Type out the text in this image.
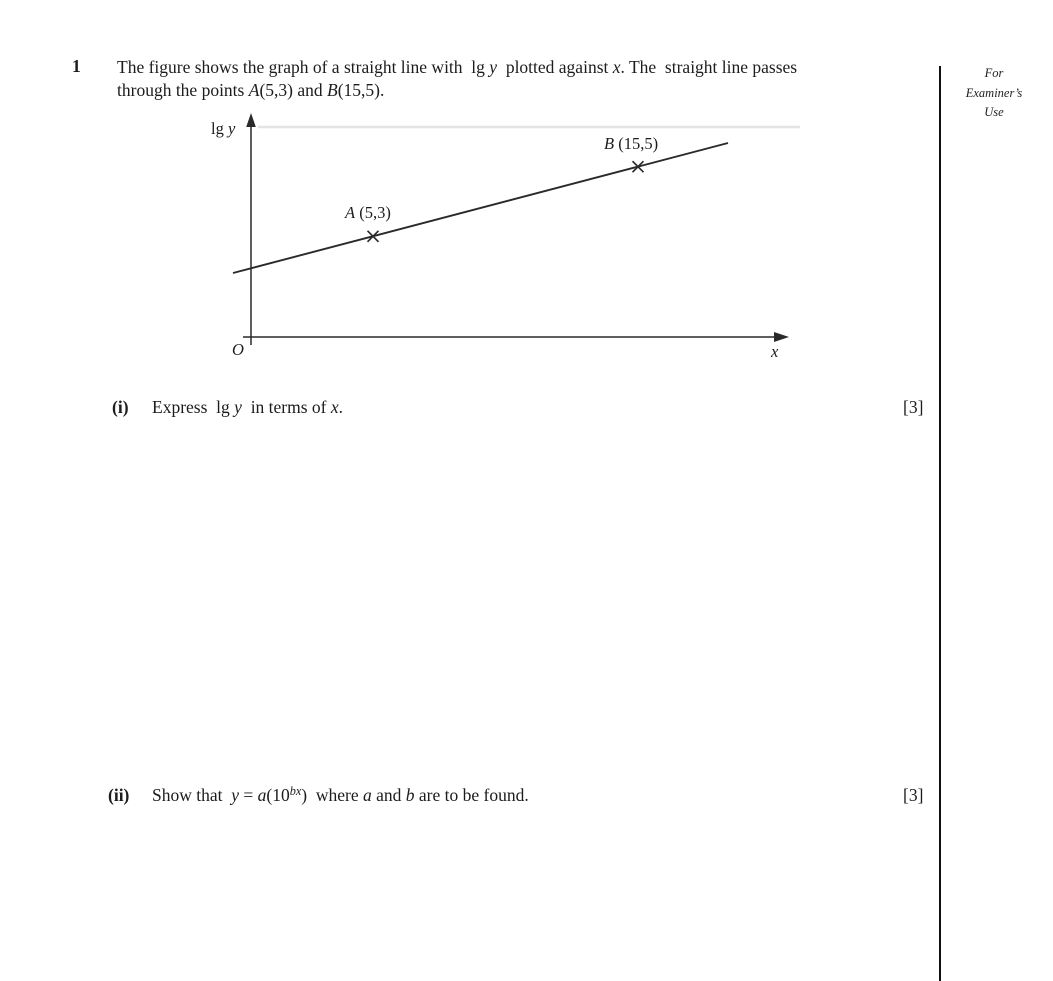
1 The figure shows the graph of a straight line with  lg y  plotted against x. The  straight line passes
through the points A(5,3) and B(15,5).
For
Examiner’s
Use
lg y
O	x
A (5,3)
B (15,5)
(i) Express  lg y  in terms of x.	[3]
(ii) Show that  $y = a(10^{bx})$  where a and b are to be found.	[3]
